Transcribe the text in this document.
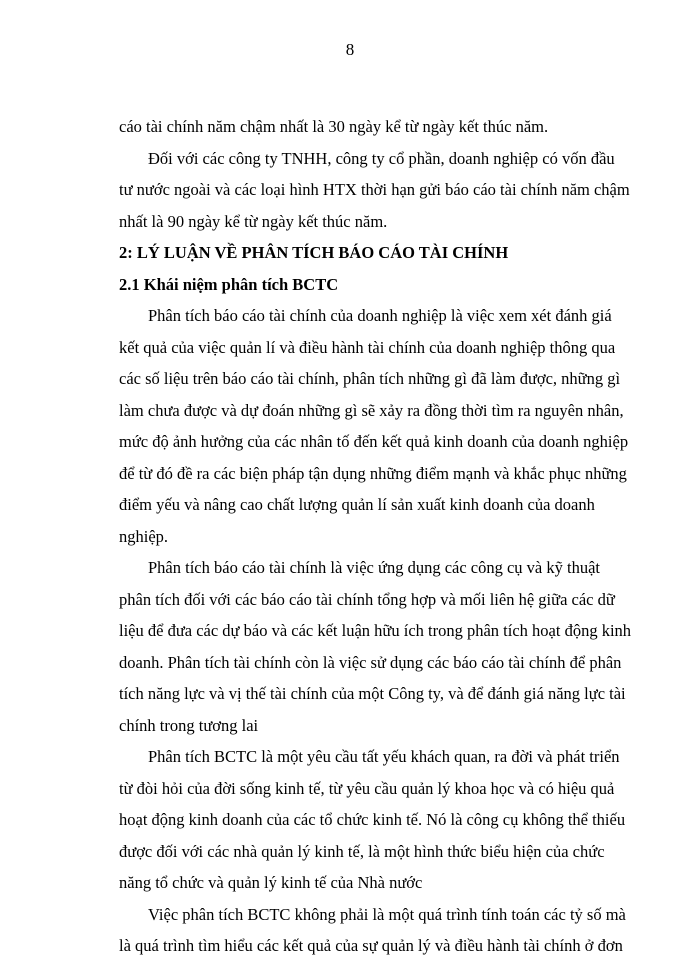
8
cáo tài chính năm chậm nhất là 30 ngày kể từ ngày kết thúc năm.
Đối với các công ty TNHH, công ty cổ phần, doanh nghiệp có vốn đầu
tư nước ngoài và các loại hình HTX thời hạn gửi báo cáo tài chính năm chậm
nhất là 90 ngày kể từ ngày kết thúc năm.
2: LÝ LUẬN VỀ PHÂN TÍCH BÁO CÁO TÀI CHÍNH
2.1 Khái niệm phân tích BCTC
Phân tích báo cáo tài chính của doanh nghiệp là việc xem xét đánh giá
kết quả của việc quản lí và điều hành tài chính của doanh nghiệp thông qua
các số liệu trên báo cáo tài chính, phân tích những gì đã làm được, những gì
làm chưa được và dự đoán những gì sẽ xảy ra đồng thời tìm ra nguyên nhân,
mức độ ảnh hưởng của các nhân tố đến kết quả kinh doanh của doanh nghiệp
để từ đó đề ra các biện pháp tận dụng những điểm mạnh và khắc phục những
điểm yếu và nâng cao chất lượng quản lí sản xuất kinh doanh của doanh
nghiệp.
Phân tích báo cáo tài chính là việc ứng dụng các công cụ và kỹ thuật
phân tích đối với các báo cáo tài chính tổng hợp và mối liên hệ giữa các dữ
liệu để đưa các dự báo và các kết luận hữu ích trong phân tích hoạt động kinh
doanh. Phân tích tài chính còn là việc sử dụng các báo cáo tài chính để phân
tích năng lực và vị thế tài chính của một Công ty, và để đánh giá năng lực tài
chính trong tương lai
Phân tích BCTC là một yêu cầu tất yếu khách quan, ra đời và phát triển
từ đòi hỏi của đời sống kinh tế, từ yêu cầu quản lý khoa học và có hiệu quả
hoạt động kinh doanh của các tổ chức kinh tế. Nó là công cụ không thể thiếu
được đối với các nhà quản lý kinh tế, là một hình thức biểu hiện của chức
năng tổ chức và quản lý kinh tế của Nhà nước
Việc phân tích BCTC không phải là một quá trình tính toán các tỷ số mà
là quá trình tìm hiểu các kết quả của sự quản lý và điều hành tài chính ở đơn
